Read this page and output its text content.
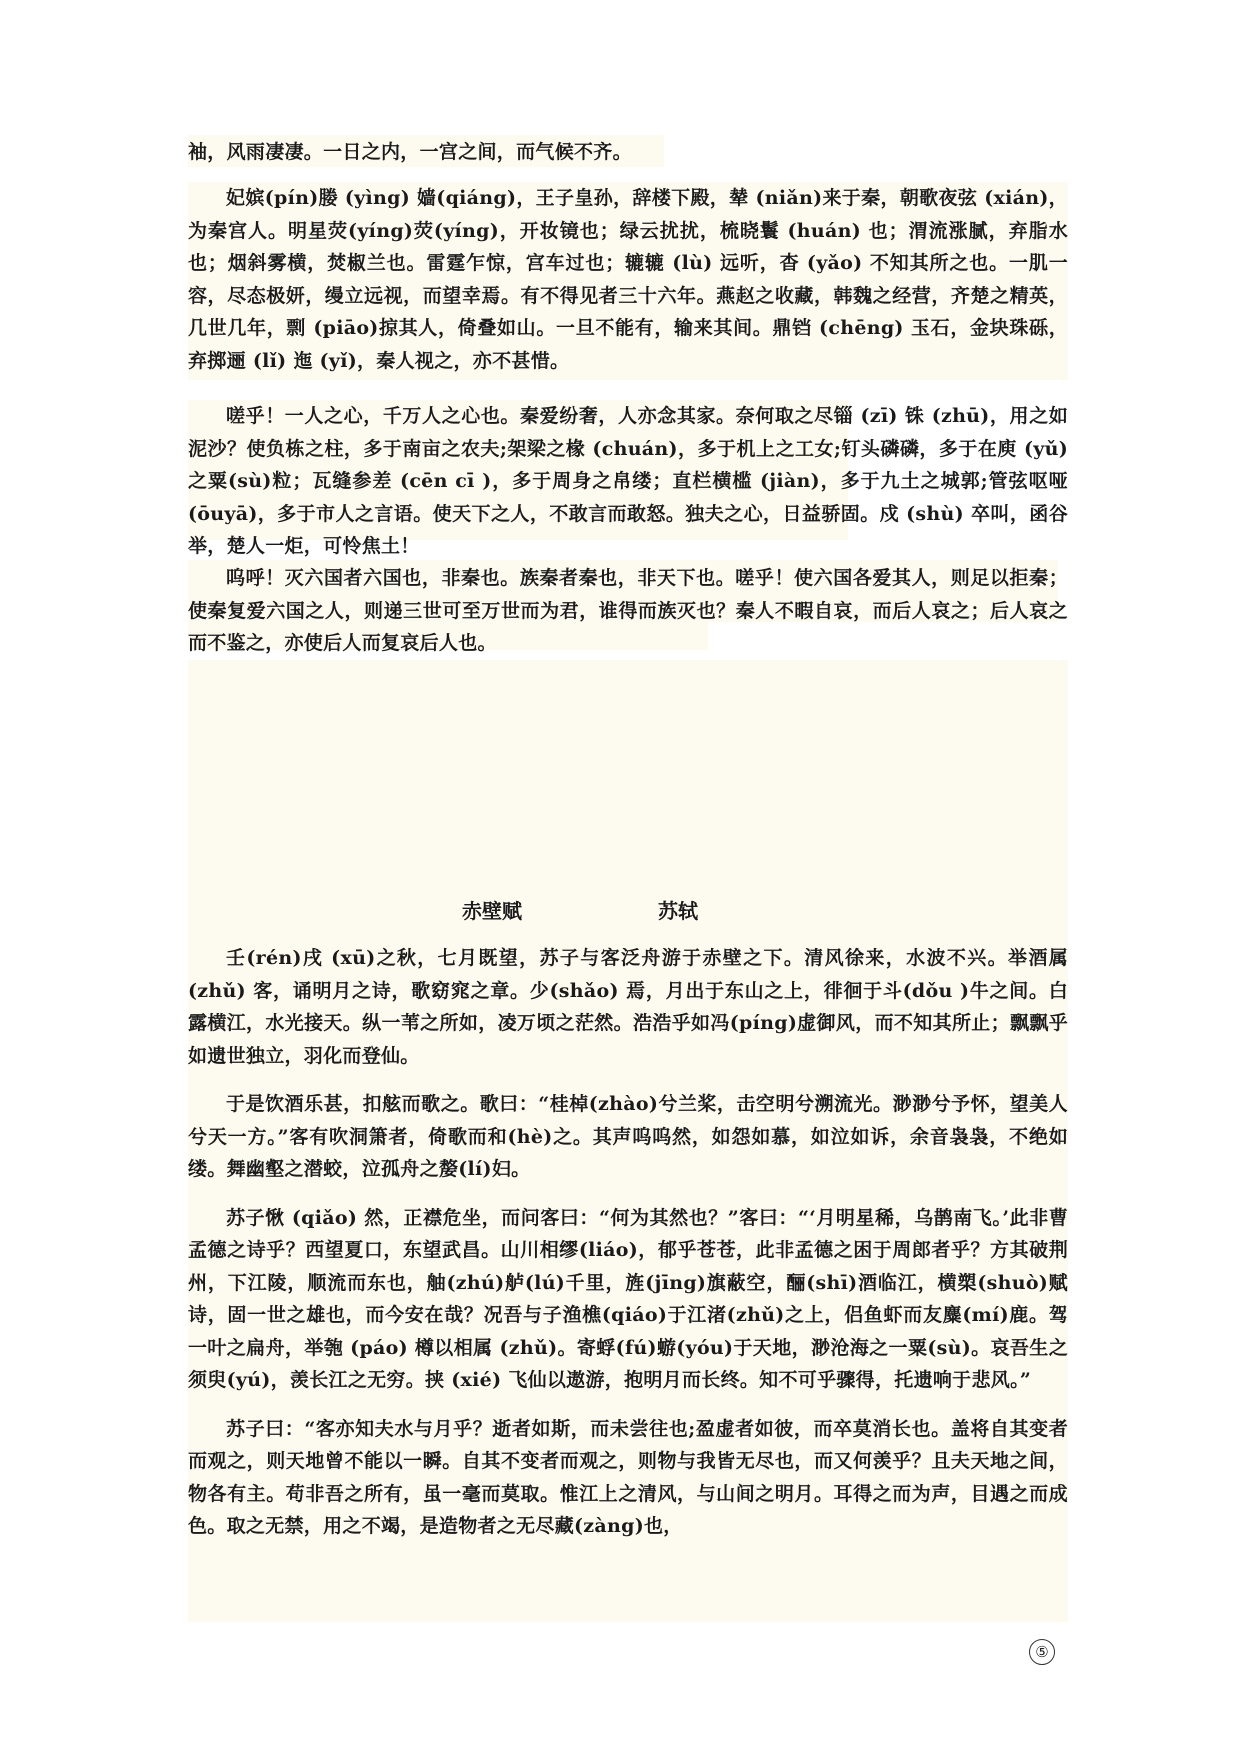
袖，风雨凄凄。一日之内，一宫之间，而气候不齐。

妃嫔(pín)媵 (yìng) 嫱(qiáng)，王子皇孙，辞楼下殿，辇 (niǎn)来于秦，朝歌夜弦 (xián)，为秦宫人。明星荧(yíng)荧(yíng)，开妆镜也；绿云扰扰，梳晓鬟 (huán) 也；渭流涨腻，弃脂水也；烟斜雾横，焚椒兰也。雷霆乍惊，宫车过也；辘辘 (lù) 远听，杳 (yǎo) 不知其所之也。一肌一容，尽态极妍，缦立远视，而望幸焉。有不得见者三十六年。燕赵之收藏，韩魏之经营，齐楚之精英，几世几年，剽 (piāo)掠其人，倚叠如山。一旦不能有，输来其间。鼎铛 (chēng) 玉石，金块珠砾，弃掷逦 (lǐ) 迤 (yǐ)，秦人视之，亦不甚惜。

嗟乎！一人之心，千万人之心也。秦爱纷奢，人亦念其家。奈何取之尽锱 (zī) 铢 (zhū)，用之如泥沙？使负栋之柱，多于南亩之农夫;架梁之椽 (chuán)，多于机上之工女;钉头磷磷，多于在庾 (yǔ) 之粟(sù)粒；瓦缝参差 (cēn cī )，多于周身之帛缕；直栏横槛 (jiàn)，多于九土之城郭;管弦呕哑 (ōuyā)，多于市人之言语。使天下之人，不敢言而敢怒。独夫之心，日益骄固。戍 (shù) 卒叫，函谷举，楚人一炬，可怜焦土！

呜呼！灭六国者六国也，非秦也。族秦者秦也，非天下也。嗟乎！使六国各爱其人，则足以拒秦；使秦复爱六国之人，则递三世可至万世而为君，谁得而族灭也？秦人不暇自哀，而后人哀之；后人哀之而不鉴之，亦使后人而复哀后人也。

赤壁赋	苏轼

壬(rén)戌 (xū)之秋，七月既望，苏子与客泛舟游于赤壁之下。清风徐来，水波不兴。举酒属 (zhǔ) 客，诵明月之诗，歌窈窕之章。少(shǎo) 焉，月出于东山之上，徘徊于斗(dǒu )牛之间。白露横江，水光接天。纵一苇之所如，凌万顷之茫然。浩浩乎如冯(píng)虚御风，而不知其所止；飘飘乎如遗世独立，羽化而登仙。

于是饮酒乐甚，扣舷而歌之。歌曰：“桂棹(zhào)兮兰桨，击空明兮溯流光。渺渺兮予怀，望美人兮天一方。”客有吹洞箫者，倚歌而和(hè)之。其声呜呜然，如怨如慕，如泣如诉，余音袅袅，不绝如缕。舞幽壑之潜蛟，泣孤舟之嫠(lí)妇。

苏子愀 (qiǎo) 然，正襟危坐，而问客曰：“何为其然也？”客曰：“‘月明星稀，乌鹊南飞。’此非曹孟德之诗乎？西望夏口，东望武昌。山川相缪(liáo)，郁乎苍苍，此非孟德之困于周郎者乎？方其破荆州，下江陵，顺流而东也，舳(zhú)舻(lú)千里，旌(jīng)旗蔽空，酾(shī)酒临江，横槊(shuò)赋诗，固一世之雄也，而今安在哉？况吾与子渔樵(qiáo)于江渚(zhǔ)之上，侣鱼虾而友麋(mí)鹿。驾一叶之扁舟，举匏 (páo) 樽以相属 (zhǔ)。寄蜉(fú)蝣(yóu)于天地，渺沧海之一粟(sù)。哀吾生之须臾(yú)，羡长江之无穷。挟 (xié) 飞仙以遨游，抱明月而长终。知不可乎骤得，托遗响于悲风。”

苏子曰：“客亦知夫水与月乎？逝者如斯，而未尝往也;盈虚者如彼，而卒莫消长也。盖将自其变者而观之，则天地曾不能以一瞬。自其不变者而观之，则物与我皆无尽也，而又何羡乎？且夫天地之间，物各有主。苟非吾之所有，虽一毫而莫取。惟江上之清风，与山间之明月。耳得之而为声，目遇之而成色。取之无禁，用之不竭，是造物者之无尽藏(zàng)也，

⑤
